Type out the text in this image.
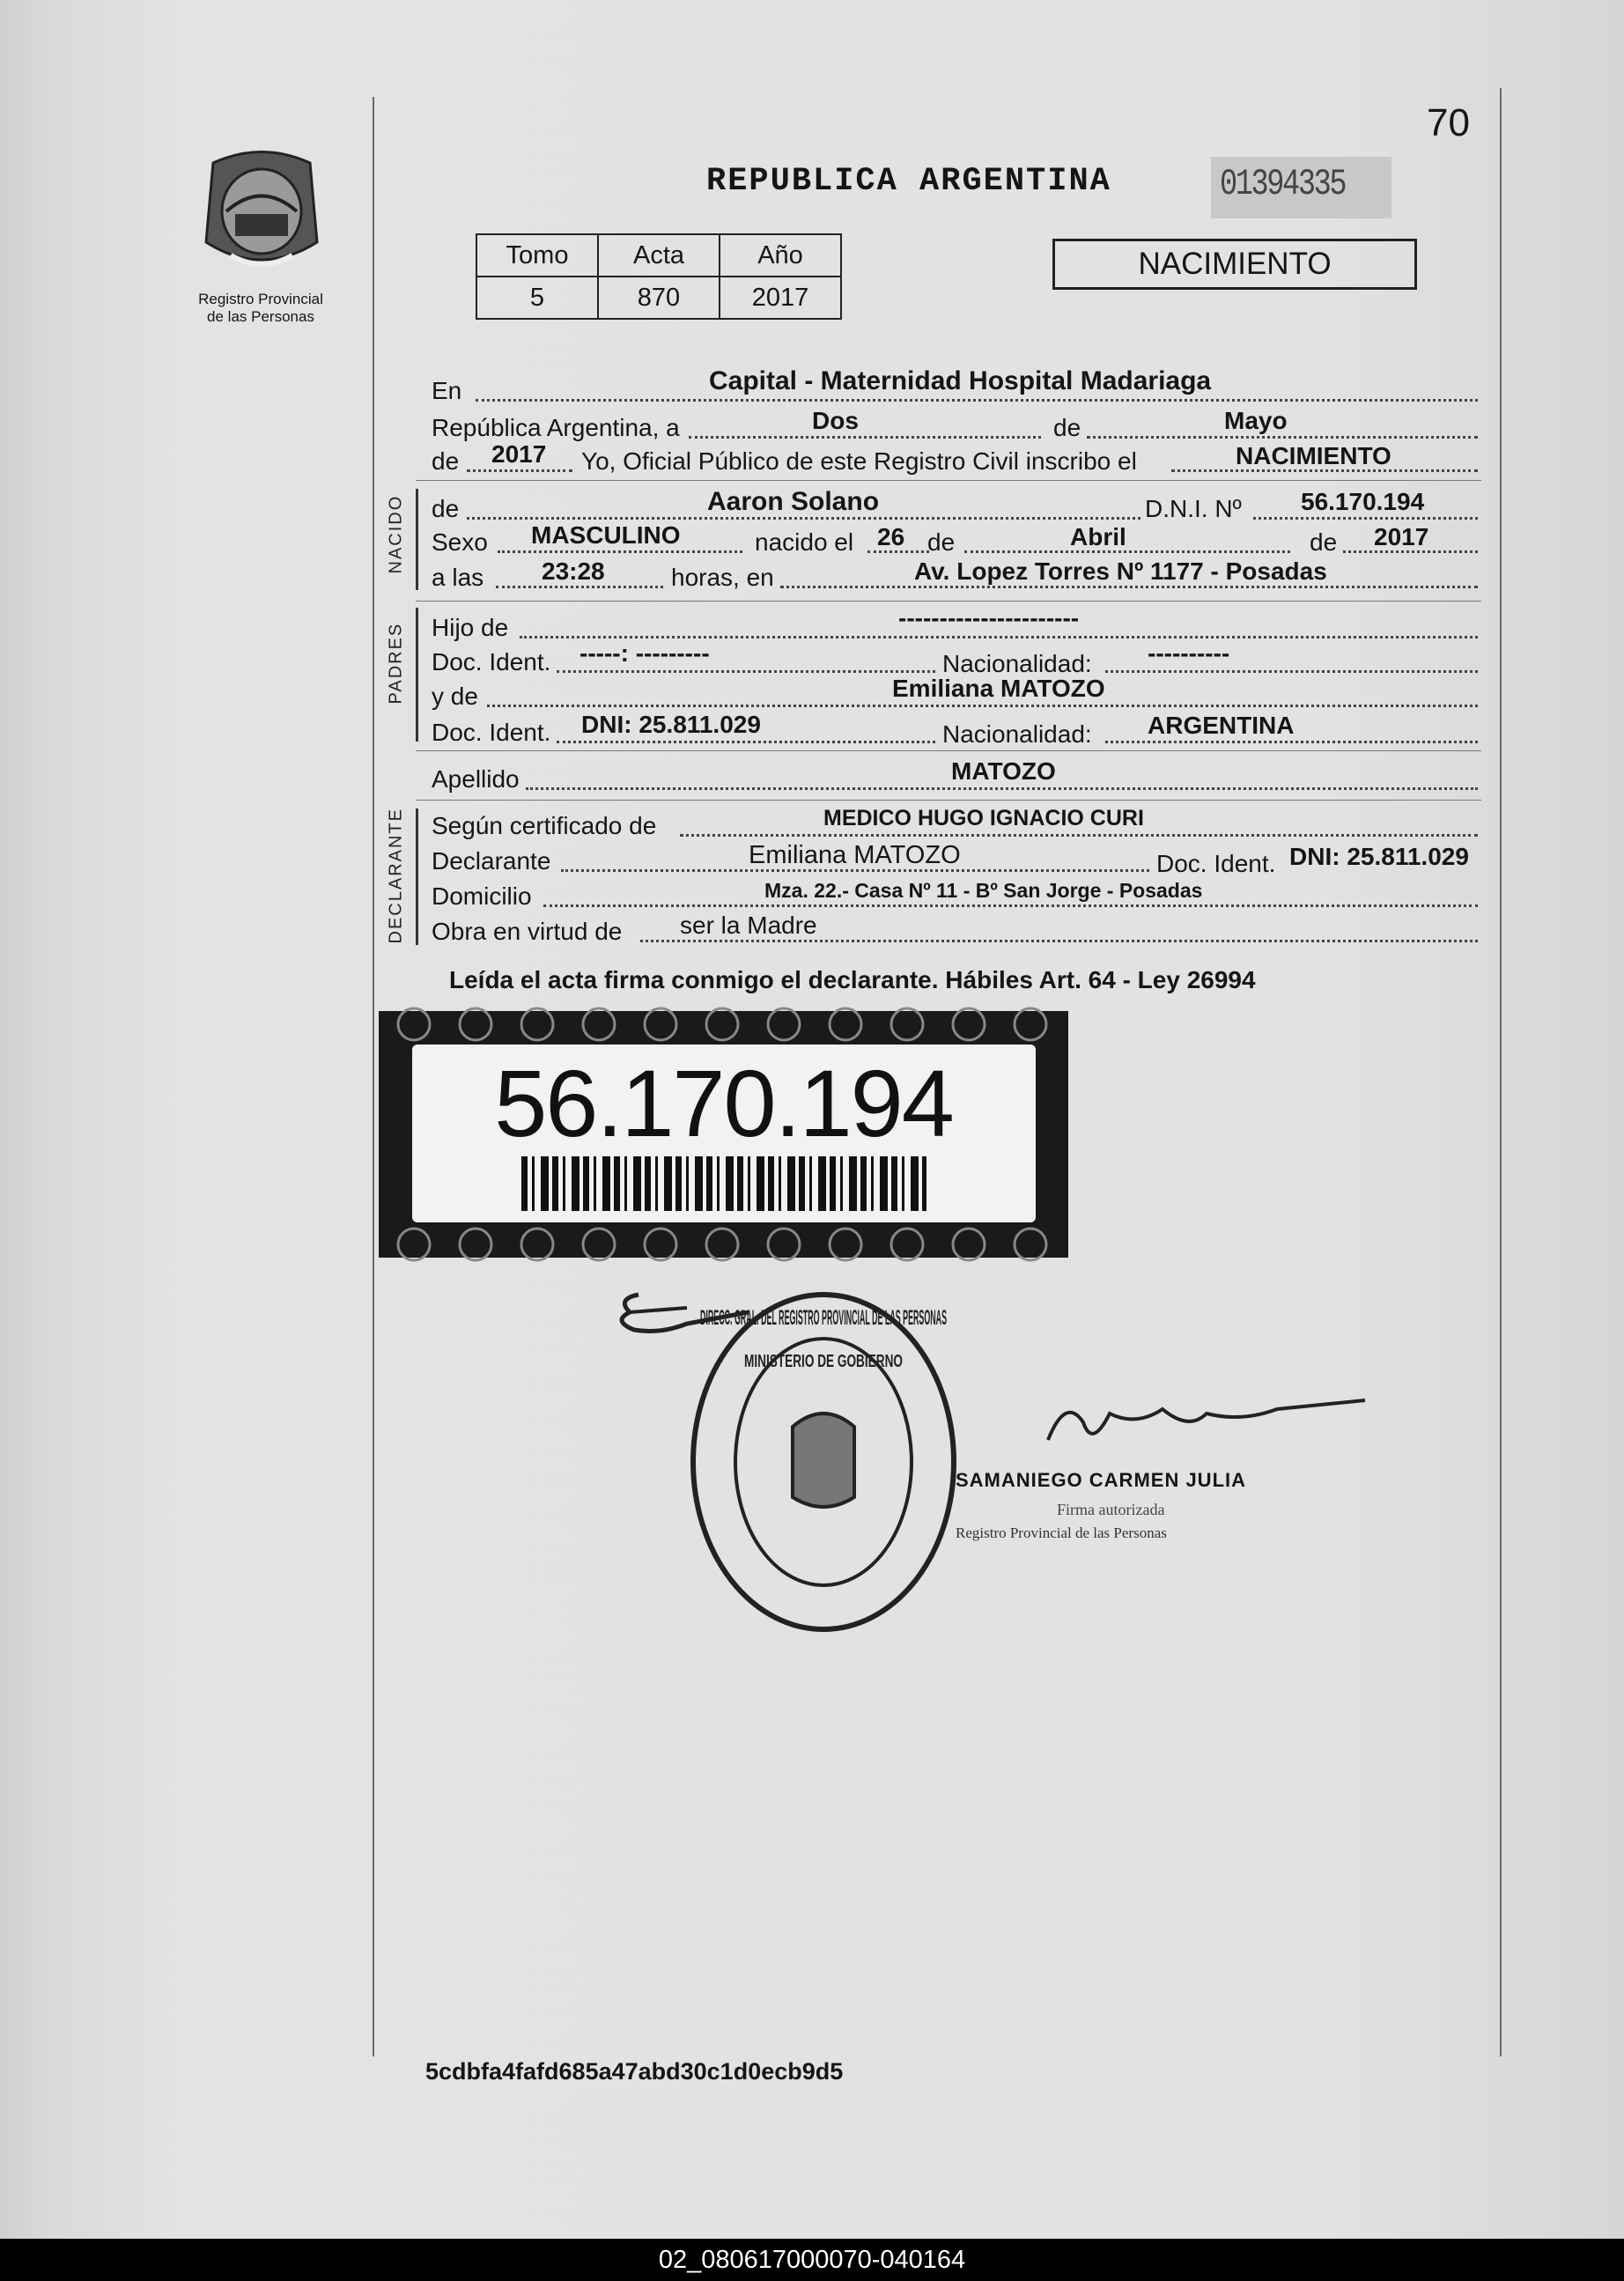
Registro Provincial
de las Personas
70
REPUBLICA ARGENTINA	01394335
Tomo	Acta	Año
5	870	2017
NACIMIENTO
En	Capital - Maternidad Hospital Madariaga
República Argentina, a	Dos	de	Mayo
de 2017 Yo, Oficial Público de este Registro Civil inscribo el	NACIMIENTO
NACIDO de	Aaron Solano	D.N.I. Nº 56.170.194
Sexo MASCULINO	nacido el 26 de	Abril	de 2017
a las 23:28	horas, en	Av. Lopez Torres Nº 1177 - Posadas
PADRES Hijo de	----------------------
Doc. Ident. -----: ---------	Nacionalidad: ----------
y de	Emiliana MATOZO
Doc. Ident. DNI: 25.811.029	Nacionalidad: ARGENTINA
Apellido	MATOZO
DECLARANTE Según certificado de	MEDICO HUGO IGNACIO CURI
Declarante	Emiliana MATOZO	Doc. Ident. DNI: 25.811.029
Domicilio	Mza. 22.- Casa Nº 11 - Bº San Jorge - Posadas
Obra en virtud de ser la Madre
Leída el acta firma conmigo el declarante. Hábiles Art. 64 - Ley 26994
56.170.194
DIRECC. GRAL. DEL REGISTRO PROVINCIAL DE LAS PERSONAS
MINISTERIO DE GOBIERNO
SAMANIEGO CARMEN JULIA
Firma autorizada
Registro Provincial de las Personas
5cdbfa4fafd685a47abd30c1d0ecb9d5
02_080617000070-040164
